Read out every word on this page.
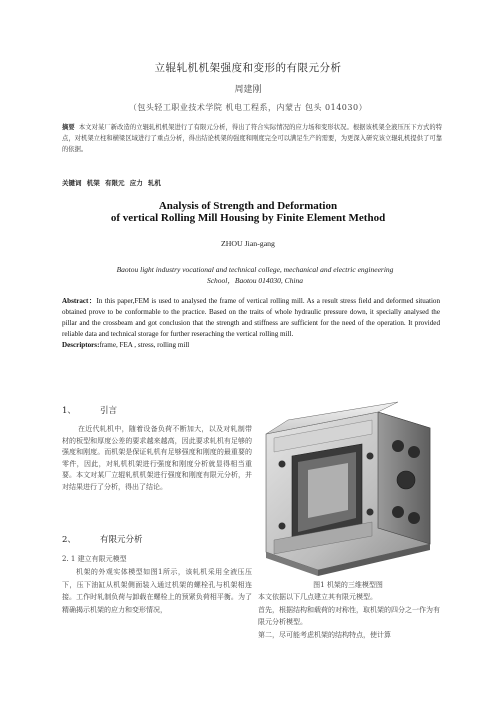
立辊轧机机架强度和变形的有限元分析
周建刚
（包头轻工职业技术学院 机电工程系，内蒙古 包头 014030）
摘要 本文对某厂新改造的立辊轧机机架进行了有限元分析，得出了符合实际情况的应力场和变形状况。根据该机架全液压压下方式的特点，对机架立柱和横梁区域进行了重点分析，得出结论机架的强度和刚度完全可以满足生产的需要，为更深入研究该立辊轧机提供了可靠的依据。
关键词 机架 有限元 应力 轧机
Analysis of Strength and Deformation
of vertical Rolling Mill Housing by Finite Element Method
ZHOU Jian-gang
Baotou light industry vocational and technical college, mechanical and electric engineering School，Baotou 014030, China
Abstract：In this paper,FEM is used to analysed the frame of vertical rolling mill. As a result stress field and deformed situation obtained prove to be conformable to the practice. Based on the traits of whole hydraulic pressure down, it specially analysed the pillar and the crossbeam and got conclusion that the strength and stiffness are sufficient for the need of the operation. It provided reliable data and technical storage for further reseraching the vertical rolling mill.
Descriptors:frame, FEA , stress, rolling mill
1、	引言
在近代轧机中，随着设备负荷不断加大，以及对轧制带材的板型和厚度公差的要求越来越高，因此要求轧机有足够的强度和刚度。而机架是保证轧机有足够强度和刚度的最重要的零件，因此，对轧机机架进行强度和刚度分析就显得相当重要。本文对某厂立辊轧机机架进行强度和刚度有限元分析，并对结果进行了分析，得出了结论。
2、	有限元分析
2. 1 建立有限元模型
机架的外观实体模型如图1所示，该轧机采用全液压压下，压下油缸从机架侧面装入通过机架的螺栓孔与机架相连接。工作时轧制负荷与卸载在螺栓上的预紧负荷相平衡。为了精确揭示机架的应力和变形情况，
图1 机架的三维模型图
本文依据以下几点建立其有限元模型。
首先，根据结构和载荷的对称性，取机架的四分之一作为有限元分析模型。
第二，尽可能考虑机架的结构特点，使计算
